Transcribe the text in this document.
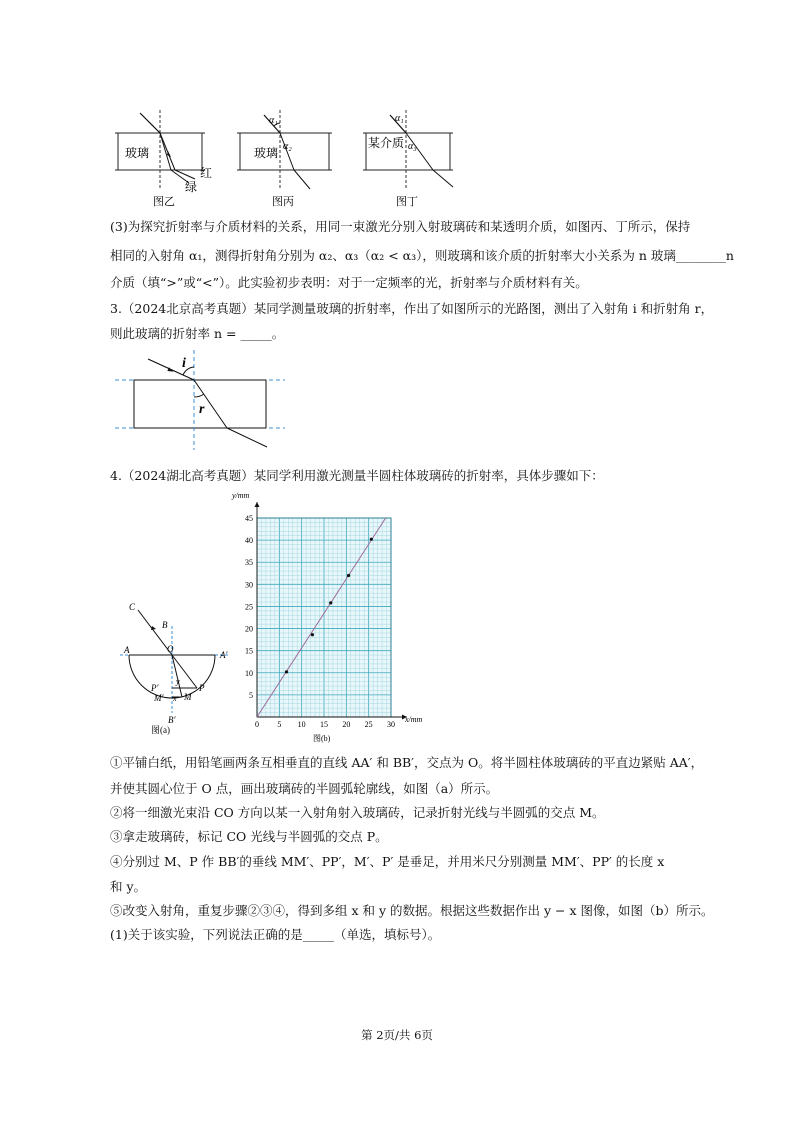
玻璃
红
绿
图乙
α₁
α₂
玻璃
图丙
α₁
α₃
某介质
图丁
(3)为探究折射率与介质材料的关系，用同一束激光分别入射玻璃砖和某透明介质，如图丙、丁所示，保持
相同的入射角 α₁，测得折射角分别为 α₂、α₃（α₂ < α₃），则玻璃和该介质的折射率大小关系为 n 玻璃________n
介质（填“>”或“<”）。此实验初步表明：对于一定频率的光，折射率与介质材料有关。
3.（2024北京高考真题）某同学测量玻璃的折射率，作出了如图所示的光路图，测出了入射角 i 和折射角 r，
则此玻璃的折射率 n = _____。
i
r
4.（2024湖北高考真题）某同学利用激光测量半圆柱体玻璃砖的折射率，具体步骤如下：
A	A′
B
B′
C
O
P
P′
M
M′ x
y
图(a)
0 5 10 15 20 25 30
5
10
15
20
25
30
35
40
45
y/mm
x/mm
图(b)
①平铺白纸，用铅笔画两条互相垂直的直线 AA′ 和 BB′，交点为 O。将半圆柱体玻璃砖的平直边紧贴 AA′，
并使其圆心位于 O 点，画出玻璃砖的半圆弧轮廓线，如图（a）所示。
②将一细激光束沿 CO 方向以某一入射角射入玻璃砖，记录折射光线与半圆弧的交点 M。
③拿走玻璃砖，标记 CO 光线与半圆弧的交点 P。
④分别过 M、P 作 BB′的垂线 MM′、PP′，M′、P′ 是垂足，并用米尺分别测量 MM′、PP′ 的长度 x
和 y。
⑤改变入射角，重复步骤②③④，得到多组 x 和 y 的数据。根据这些数据作出 y − x 图像，如图（b）所示。
(1)关于该实验，下列说法正确的是_____（单选，填标号）。
第 2页/共 6页
